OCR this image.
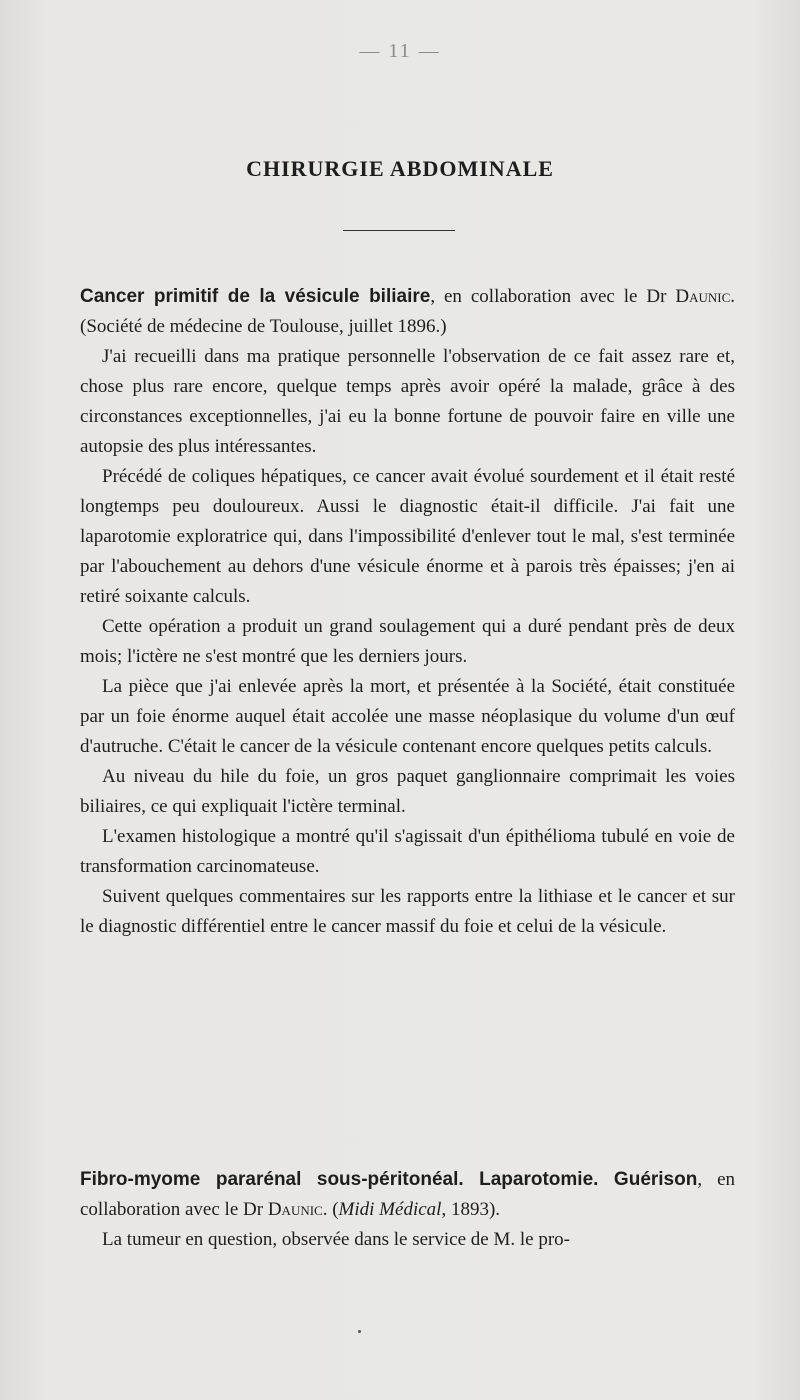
— 11 —
CHIRURGIE ABDOMINALE

Cancer primitif de la vésicule biliaire, en collaboration avec le Dr Daunic. (Société de médecine de Toulouse, juillet 1896.)

J'ai recueilli dans ma pratique personnelle l'observation de ce fait assez rare et, chose plus rare encore, quelque temps après avoir opéré la malade, grâce à des circonstances exceptionnelles, j'ai eu la bonne fortune de pouvoir faire en ville une autopsie des plus intéressantes.

Précédé de coliques hépatiques, ce cancer avait évolué sourdement et il était resté longtemps peu douloureux. Aussi le diagnostic était-il difficile. J'ai fait une laparotomie exploratrice qui, dans l'impossibilité d'enlever tout le mal, s'est terminée par l'abouchement au dehors d'une vésicule énorme et à parois très épaisses; j'en ai retiré soixante calculs.

Cette opération a produit un grand soulagement qui a duré pendant près de deux mois; l'ictère ne s'est montré que les derniers jours.

La pièce que j'ai enlevée après la mort, et présentée à la Société, était constituée par un foie énorme auquel était accolée une masse néoplasique du volume d'un œuf d'autruche. C'était le cancer de la vésicule contenant encore quelques petits calculs.

Au niveau du hile du foie, un gros paquet ganglionnaire comprimait les voies biliaires, ce qui expliquait l'ictère terminal.

L'examen histologique a montré qu'il s'agissait d'un épithélioma tubulé en voie de transformation carcinomateuse.

Suivent quelques commentaires sur les rapports entre la lithiase et le cancer et sur le diagnostic différentiel entre le cancer massif du foie et celui de la vésicule.

Fibro-myome pararénal sous-péritonéal. Laparotomie. Guérison, en collaboration avec le Dr Daunic. (Midi Médical, 1893).

La tumeur en question, observée dans le service de M. le pro-
